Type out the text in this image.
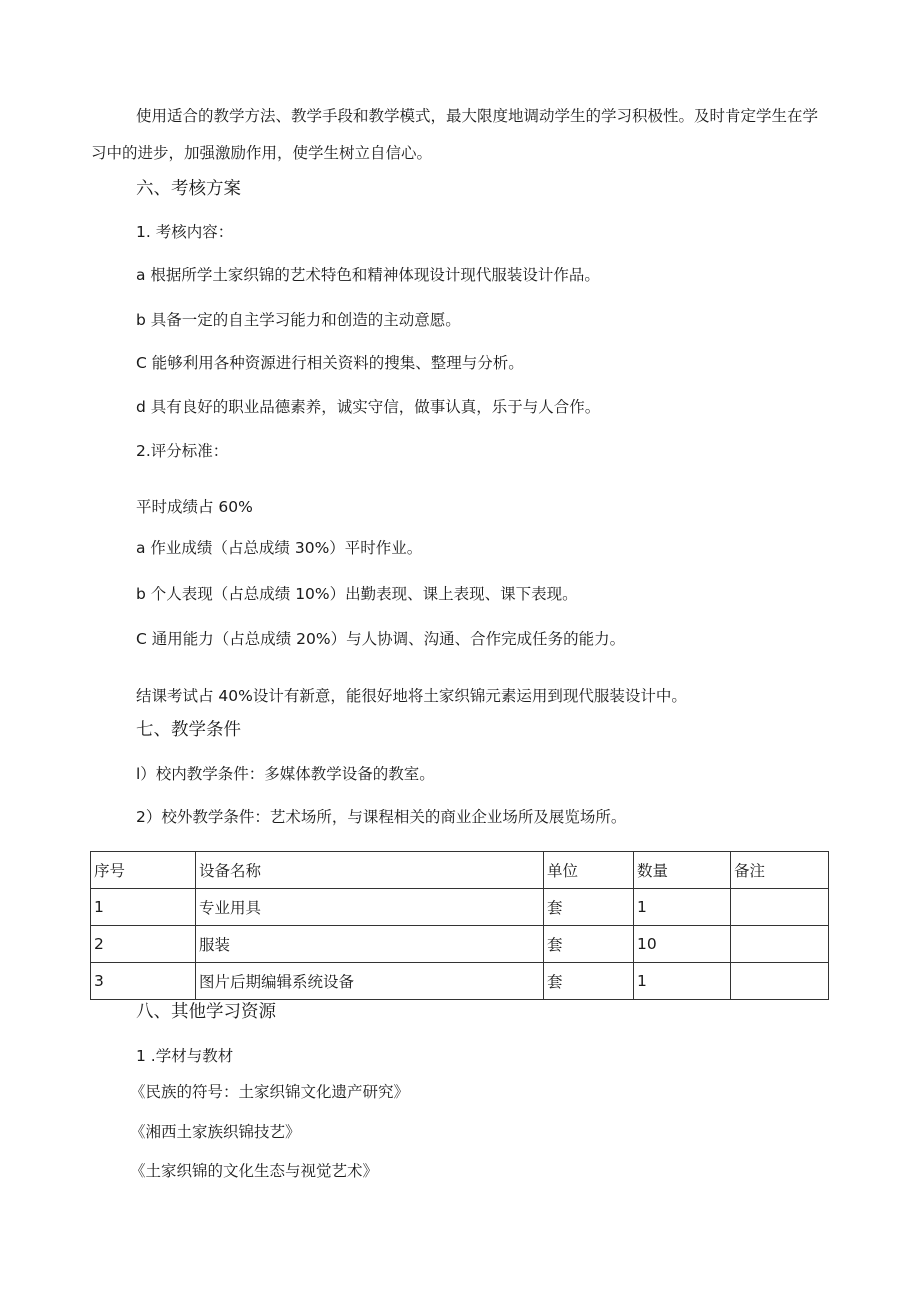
使用适合的教学方法、教学手段和教学模式，最大限度地调动学生的学习积极性。及时肯定学生在学习中的进步，加强激励作用，使学生树立自信心。
六、考核方案
1. 考核内容：
a 根据所学土家织锦的艺术特色和精神体现设计现代服装设计作品。
b 具备一定的自主学习能力和创造的主动意愿。
C 能够利用各种资源进行相关资料的搜集、整理与分析。
d 具有良好的职业品德素养，诚实守信，做事认真，乐于与人合作。
2.评分标准：
平时成绩占 60%
a 作业成绩（占总成绩 30%）平时作业。
b 个人表现（占总成绩 10%）出勤表现、课上表现、课下表现。
C 通用能力（占总成绩 20%）与人协调、沟通、合作完成任务的能力。
结课考试占 40%设计有新意，能很好地将土家织锦元素运用到现代服装设计中。
七、教学条件
l）校内教学条件：多媒体教学设备的教室。
2）校外教学条件：艺术场所，与课程相关的商业企业场所及展览场所。
序号	设备名称	单位	数量	备注
1	专业用具	套	1	
2	服装	套	10	
3	图片后期编辑系统设备	套	1	
八、其他学习资源
1 .学材与教材
《民族的符号：土家织锦文化遗产研究》
《湘西土家族织锦技艺》
《土家织锦的文化生态与视觉艺术》
